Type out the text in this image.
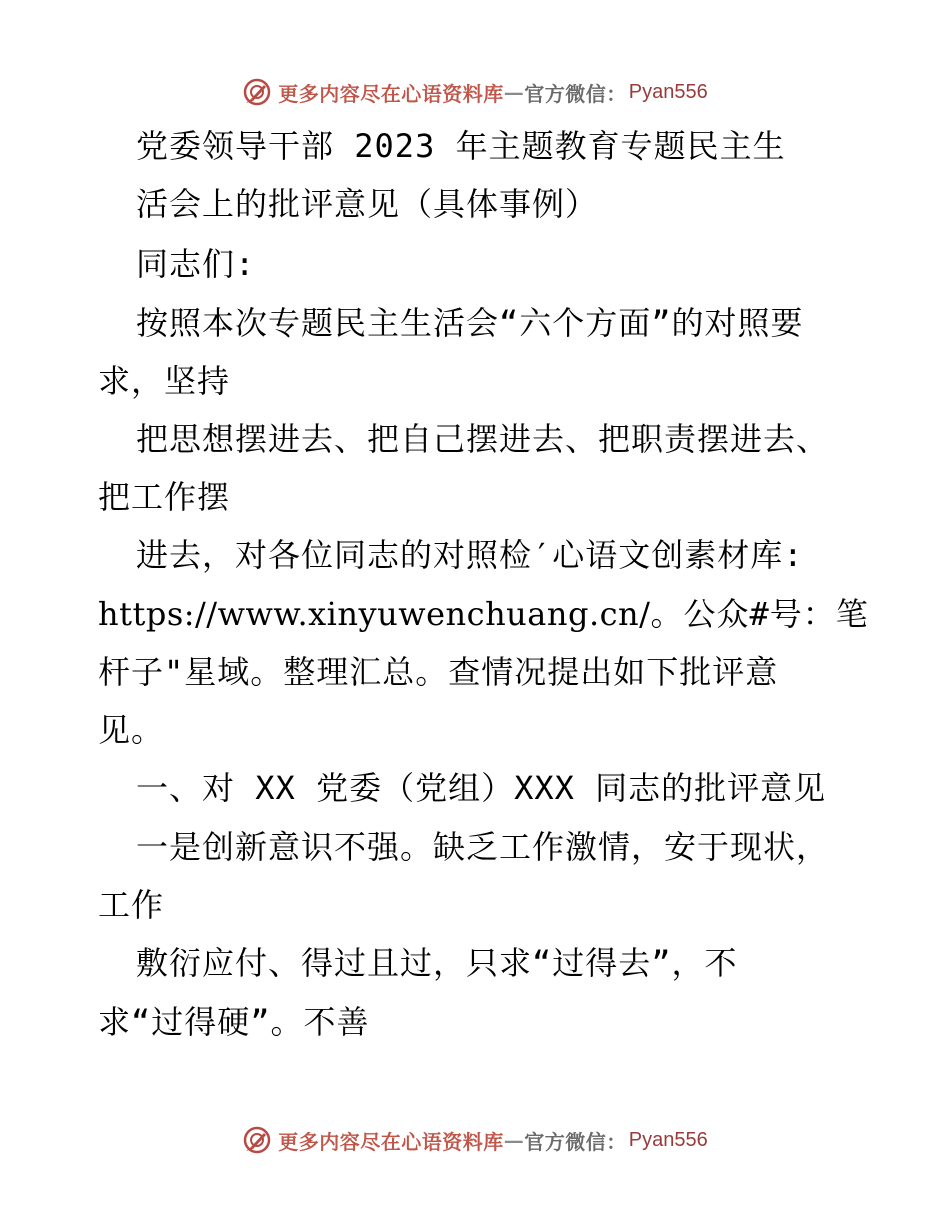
更多内容尽在心语资料库 — 官方微信： Pyan556
党委领导干部 2023 年主题教育专题民主生
活会上的批评意见（具体事例）
同志们:
按照本次专题民主生活会“六个方面”的对照要
求，坚持
把思想摆进去、把自己摆进去、把职责摆进去、
把工作摆
进去，对各位同志的对照检′心语文创素材库:
https://www.xinyuwenchuang.cn/。公众#号：笔
杆子"星域。整理汇总。查情况提出如下批评意
见。
一、对 XX 党委（党组）XXX 同志的批评意见
一是创新意识不强。缺乏工作激情，安于现状，
工作
敷衍应付、得过且过，只求“过得去”，不
求“过得硬”。不善
更多内容尽在心语资料库 — 官方微信： Pyan556
